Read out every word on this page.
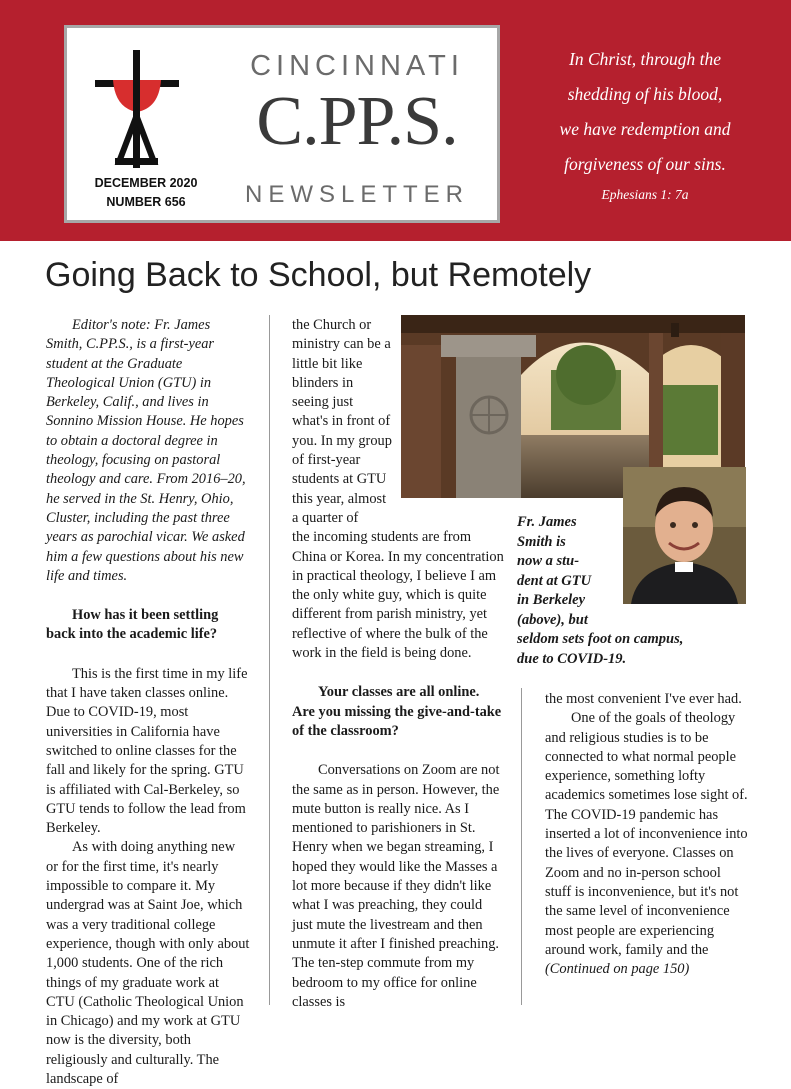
DECEMBER 2020
NUMBER 656
CINCINNATI
C.PP.S.
NEWSLETTER
In Christ, through the
shedding of his blood,
we have redemption and
forgiveness of our sins.
Ephesians 1: 7a
Going Back to School, but Remotely

Editor's note: Fr. James Smith, C.PP.S., is a first-year student at the Graduate Theological Union (GTU) in Berkeley, Calif., and lives in Sonnino Mission House. He hopes to obtain a doctoral degree in theology, focusing on pastoral theology and care. From 2016–20, he served in the St. Henry, Ohio, Cluster, including the past three years as parochial vicar. We asked him a few questions about his new life and times.

How has it been settling back into the academic life?

This is the first time in my life that I have taken classes online. Due to COVID-19, most universities in California have switched to online classes for the fall and likely for the spring. GTU is affiliated with Cal-Berkeley, so GTU tends to follow the lead from Berkeley.

As with doing anything new or for the first time, it's nearly impossible to compare it. My undergrad was at Saint Joe, which was a very traditional college experience, though with only about 1,000 students. One of the rich things of my graduate work at CTU (Catholic Theological Union in Chicago) and my work at GTU now is the diversity, both religiously and culturally. The landscape of

the Church or ministry can be a little bit like blinders in seeing just what's in front of you. In my group of first-year students at GTU this year, almost a quarter of

the incoming students are from China or Korea. In my concentration in practical theology, I believe I am the only white guy, which is quite different from parish ministry, yet reflective of where the bulk of the work in the field is being done.

Your classes are all online. Are you missing the give-and-take of the classroom?

Conversations on Zoom are not the same as in person. However, the mute button is really nice. As I mentioned to parishioners in St. Henry when we began streaming, I hoped they would like the Masses a lot more because if they didn't like what I was preaching, they could just mute the livestream and then unmute it after I finished preaching. The ten-step commute from my bedroom to my office for online classes is

the most convenient I've ever had.

One of the goals of theology and religious studies is to be connected to what normal people experience, something lofty academics sometimes lose sight of. The COVID-19 pandemic has inserted a lot of inconvenience into the lives of everyone. Classes on Zoom and no in-person school stuff is inconvenience, but it's not the same level of inconvenience most people are experiencing around work, family and the

(Continued on page 150)

Fr. James
Smith is
now a stu-
dent at GTU
in Berkeley
(above), but
seldom sets foot on campus,
due to COVID-19.
